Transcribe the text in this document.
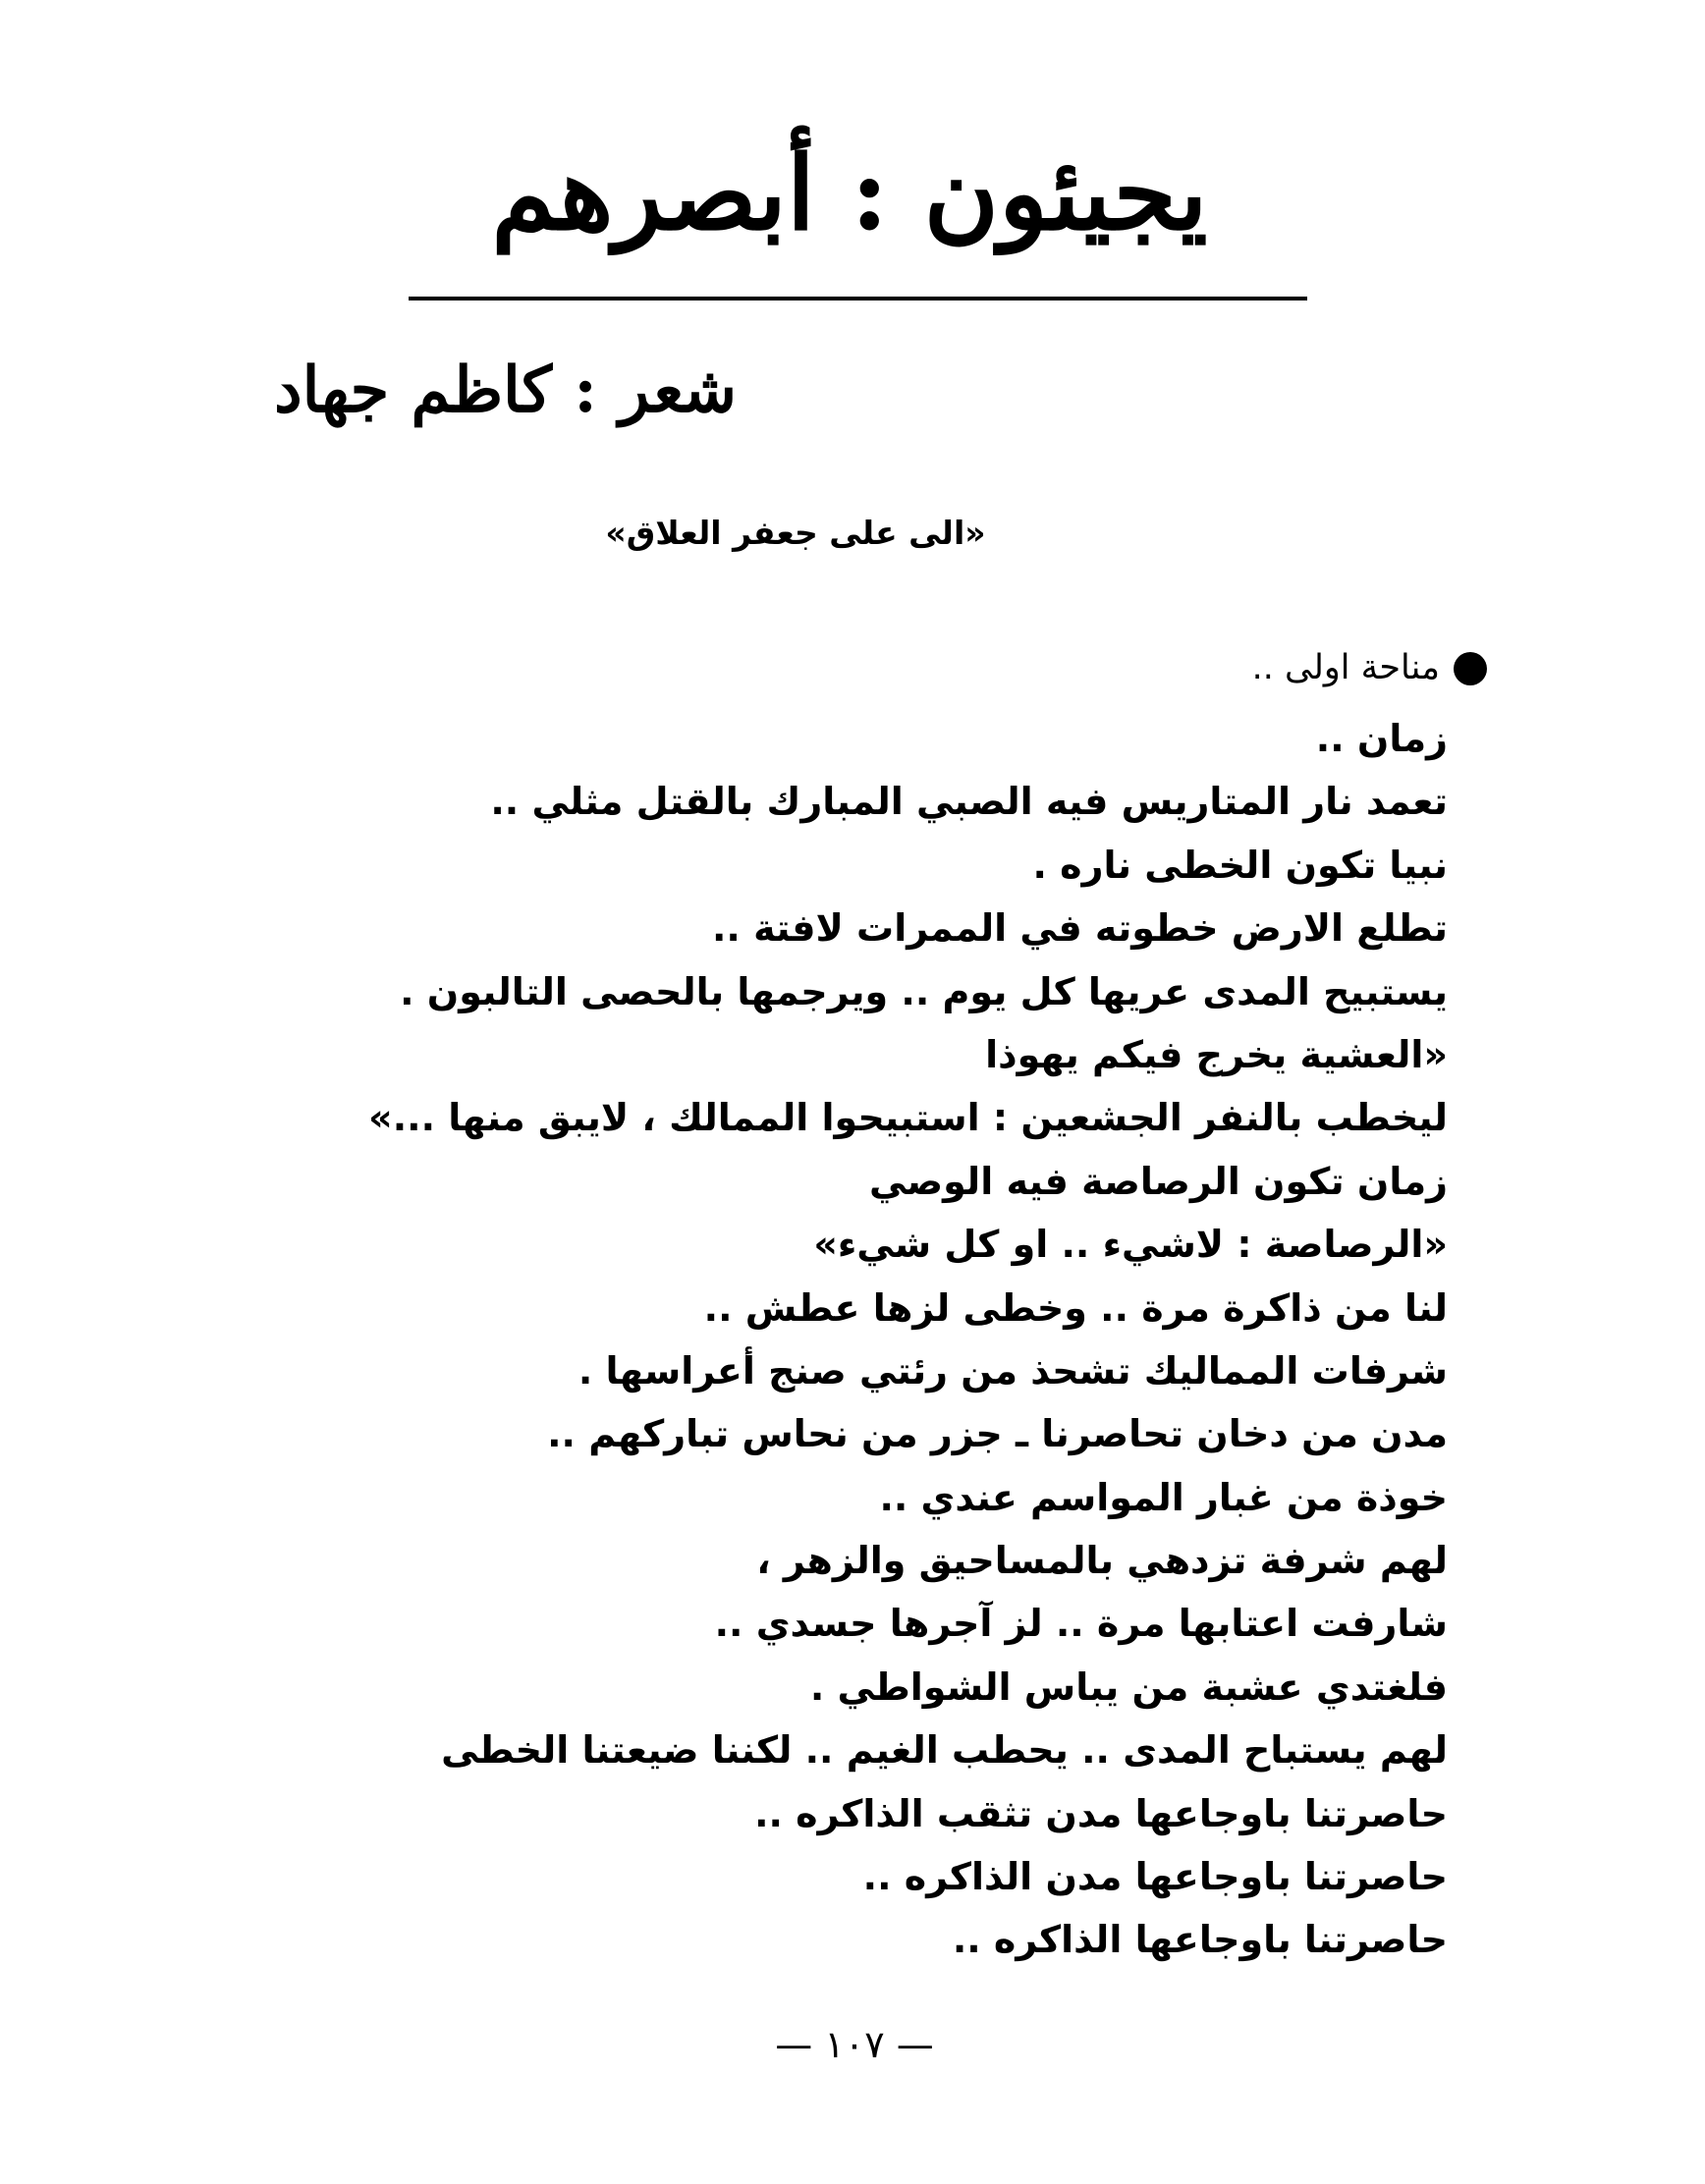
يجيئون : أبصرهم
شعر : كاظم جهاد
«الى على جعفر العلاق»
مناحة اولى ..
زمان ..
تعمد نار المتاريس فيه الصبي المبارك بالقتل مثلي ..
نبيا تكون الخطى ناره .
تطلع الارض خطوته في الممرات لافتة ..
يستبيح المدى عريها كل يوم .. ويرجمها بالحصى التالبون .
«العشية يخرج فيكم يهوذا
ليخطب بالنفر الجشعين : استبيحوا الممالك ، لايبق منها ...»
زمان تكون الرصاصة فيه الوصي
«الرصاصة : لاشيء .. او كل شيء»
لنا من ذاكرة مرة .. وخطى لزها عطش ..
شرفات المماليك تشحذ من رئتي صنج أعراسها .
مدن من دخان تحاصرنا ـ جزر من نحاس تباركهم ..
خوذة من غبار المواسم عندي ..
لهم شرفة تزدهي بالمساحيق والزهر ،
شارفت اعتابها مرة .. لز آجرها جسدي ..
فلغتدي عشبة من يباس الشواطي .
لهم يستباح المدى .. يحطب الغيم .. لكننا ضيعتنا الخطى
حاصرتنا باوجاعها مدن تثقب الذاكره ..
حاصرتنا باوجاعها مدن الذاكره ..
حاصرتنا باوجاعها الذاكره ..
— ١٠٧ —
